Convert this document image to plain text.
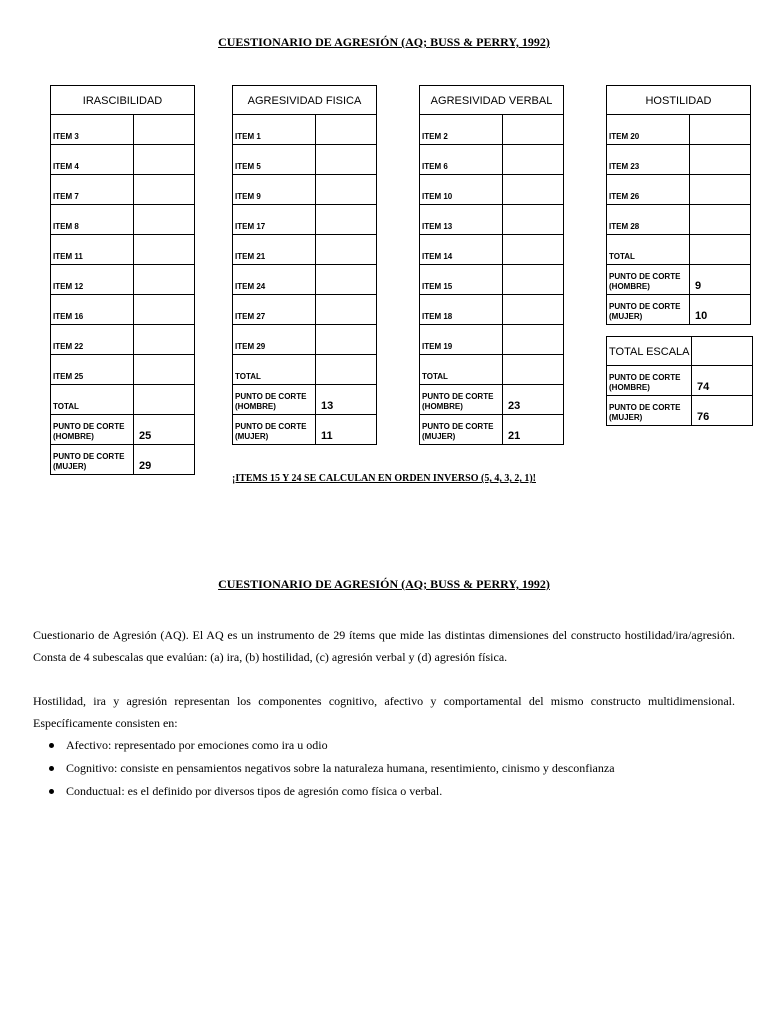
CUESTIONARIO DE AGRESIÓN (AQ; BUSS & PERRY, 1992)
IRASCIBILIDAD	
ITEM 3	
ITEM 4	
ITEM 7	
ITEM 8	
ITEM 11	
ITEM 12	
ITEM 16	
ITEM 22	
ITEM 25	
TOTAL	
PUNTO DE CORTE (HOMBRE)	25
PUNTO DE CORTE (MUJER)	29
AGRESIVIDAD FISICA	
ITEM 1	
ITEM 5	
ITEM 9	
ITEM 17	
ITEM 21	
ITEM 24	
ITEM 27	
ITEM 29	
TOTAL	
PUNTO DE CORTE (HOMBRE)	13
PUNTO DE CORTE (MUJER)	11
AGRESIVIDAD VERBAL	
ITEM 2	
ITEM 6	
ITEM 10	
ITEM 13	
ITEM 14	
ITEM 15	
ITEM 18	
ITEM 19	
TOTAL	
PUNTO DE CORTE (HOMBRE)	23
PUNTO DE CORTE (MUJER)	21
HOSTILIDAD	
ITEM 20	
ITEM 23	
ITEM 26	
ITEM 28	
TOTAL	
PUNTO DE CORTE (HOMBRE)	9
PUNTO DE CORTE (MUJER)	10
TOTAL ESCALA	
PUNTO DE CORTE (HOMBRE)	74
PUNTO DE CORTE (MUJER)	76
¡ITEMS 15 Y 24 SE CALCULAN EN ORDEN INVERSO (5, 4, 3, 2, 1)!
CUESTIONARIO DE AGRESIÓN (AQ; BUSS & PERRY, 1992)

Cuestionario de Agresión (AQ). El AQ es un instrumento de 29 ítems que mide las distintas dimensiones del constructo hostilidad/ira/agresión. Consta de 4 subescalas que evalúan: (a) ira, (b) hostilidad, (c) agresión verbal y (d) agresión física.

Hostilidad, ira y agresión representan los componentes cognitivo, afectivo y comportamental del mismo constructo multidimensional. Específicamente consisten en:

Afectivo: representado por emociones como ira u odio
Cognitivo: consiste en pensamientos negativos sobre la naturaleza humana, resentimiento, cinismo y desconfianza
Conductual: es el definido por diversos tipos de agresión como física o verbal.
